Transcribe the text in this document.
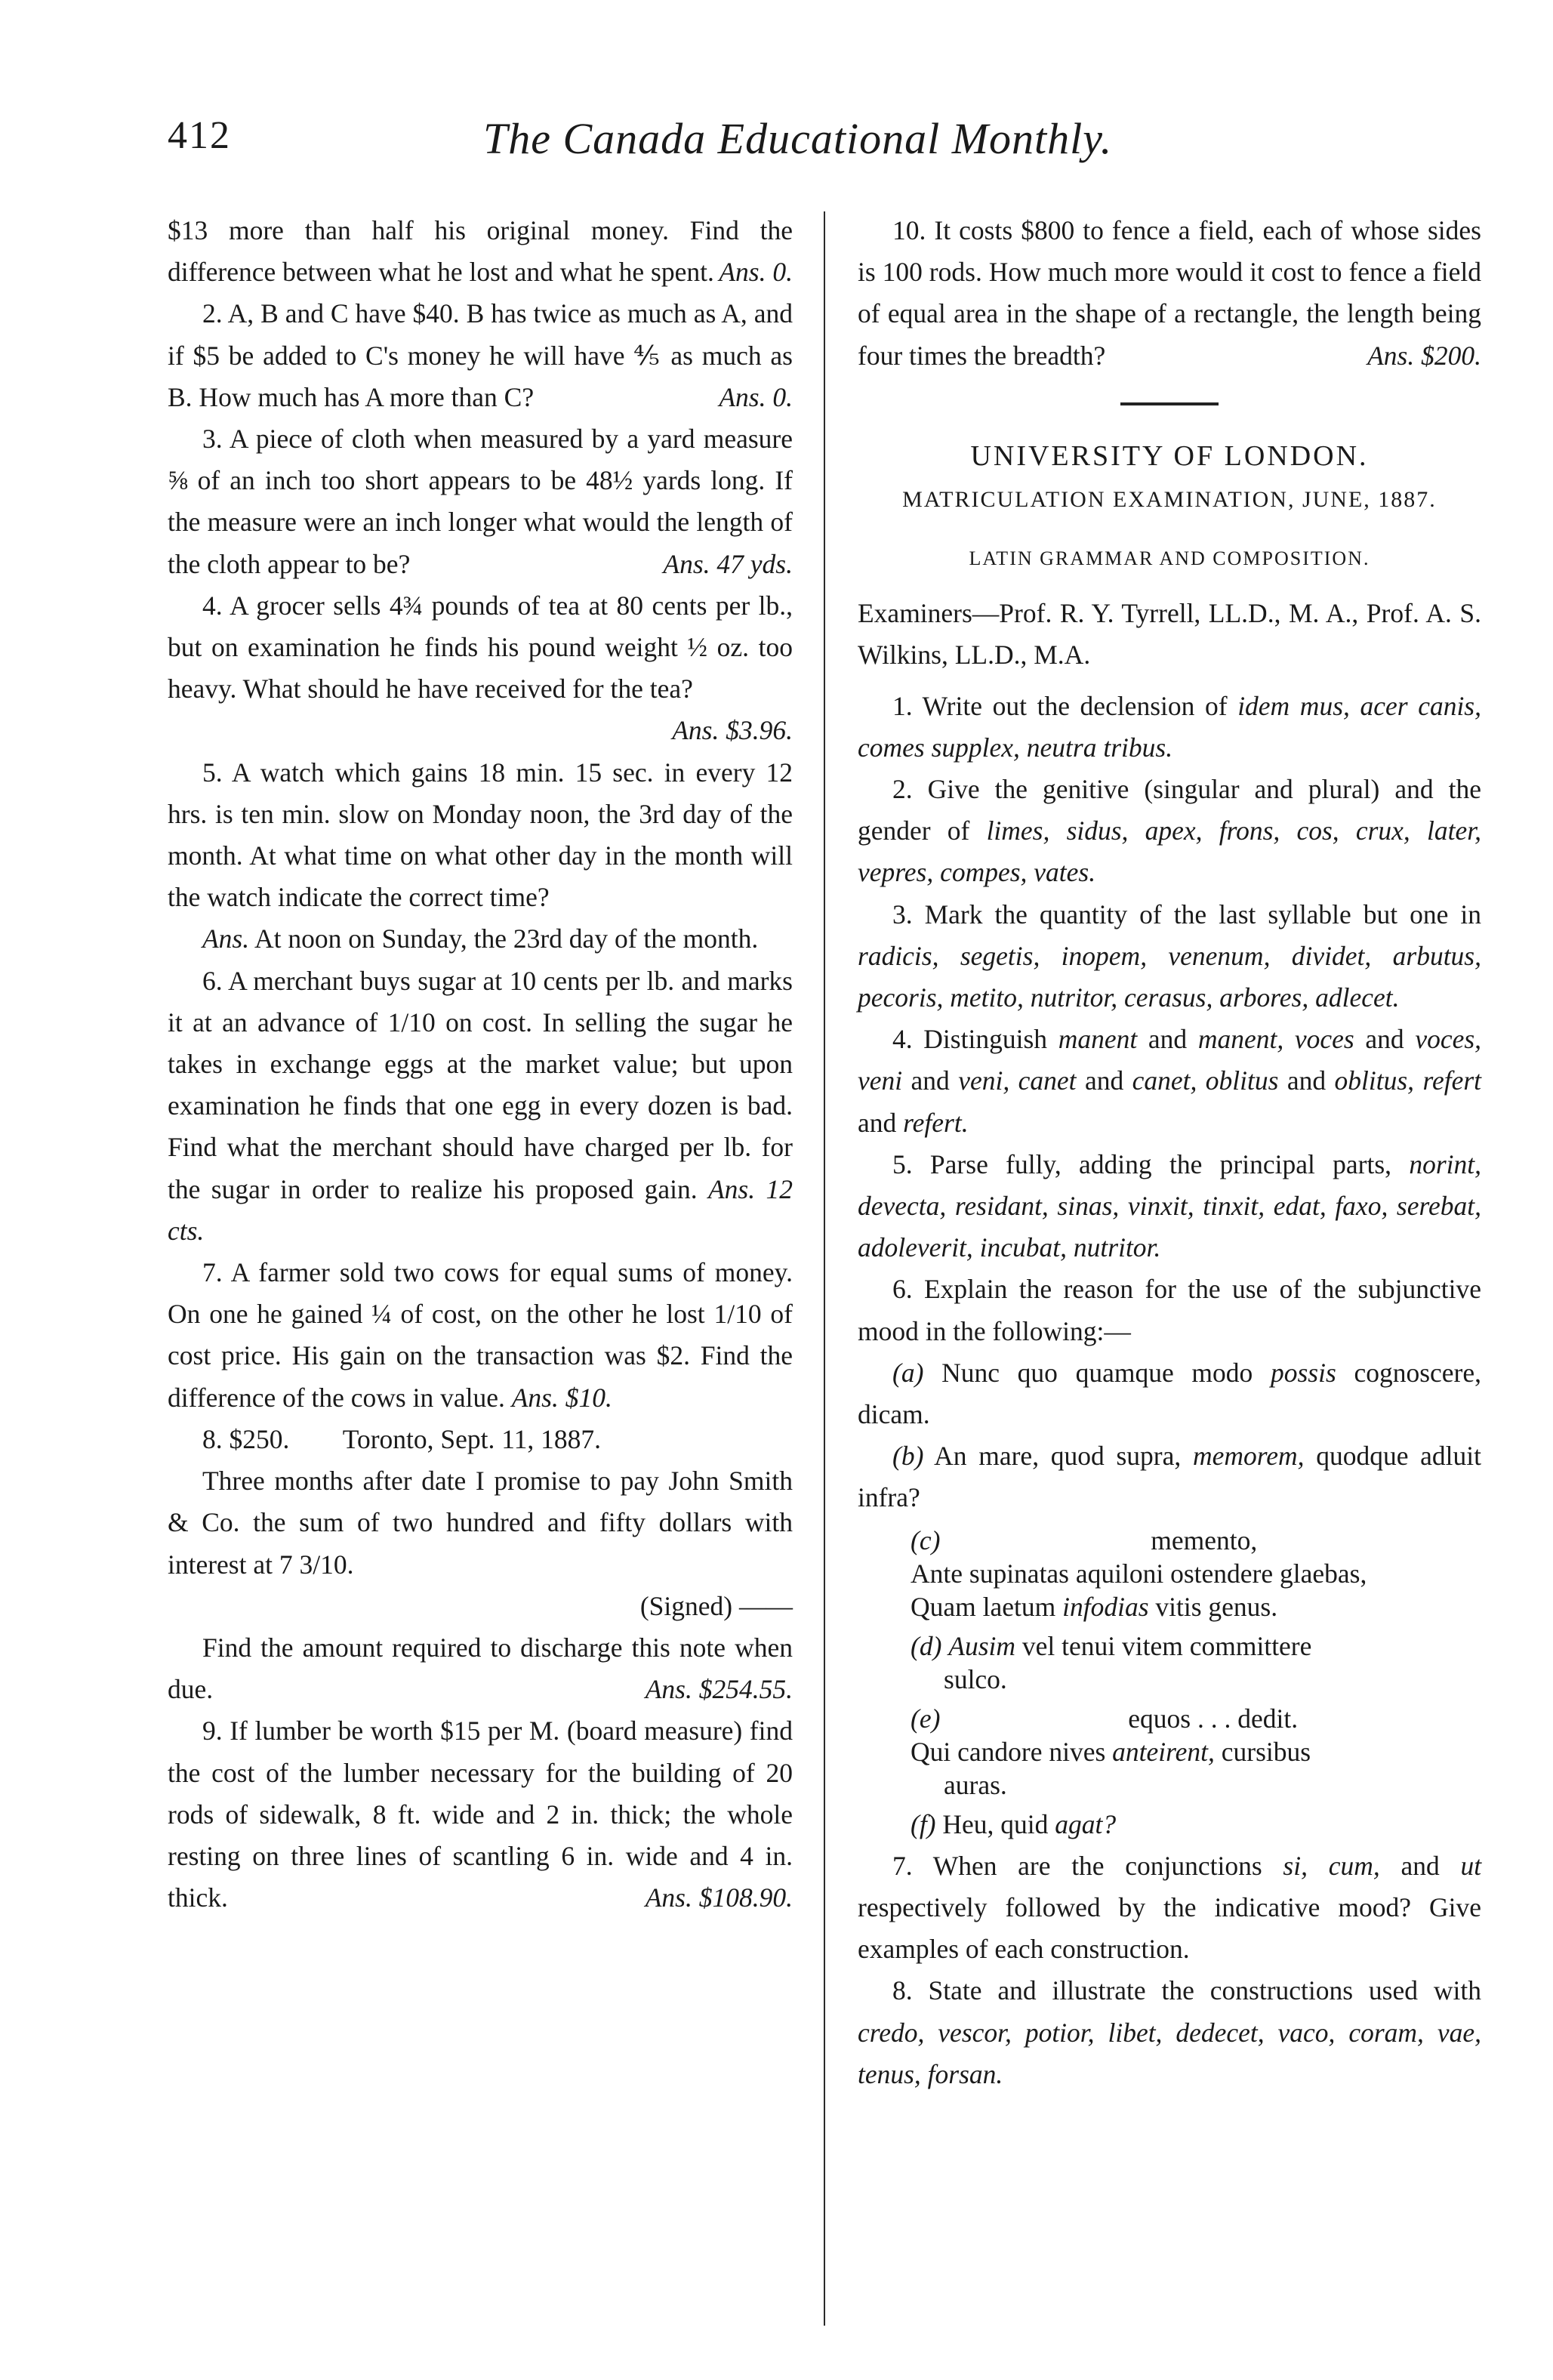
412	The Canada Educational Monthly.

$13 more than half his original money. Find the difference between what he lost and what he spent. Ans. 0.

2. A, B and C have $40. B has twice as much as A, and if $5 be added to C's money he will have ⅘ as much as B. How much has A more than C?	Ans. 0.

3. A piece of cloth when measured by a yard measure ⅝ of an inch too short appears to be 48½ yards long. If the measure were an inch longer what would the length of the cloth appear to be?	Ans. 47 yds.

4. A grocer sells 4¾ pounds of tea at 80 cents per lb., but on examination he finds his pound weight ½ oz. too heavy. What should he have received for the tea?

Ans. $3.96.

5. A watch which gains 18 min. 15 sec. in every 12 hrs. is ten min. slow on Monday noon, the 3rd day of the month. At what time on what other day in the month will the watch indicate the correct time?

Ans. At noon on Sunday, the 23rd day of the month.

6. A merchant buys sugar at 10 cents per lb. and marks it at an advance of 1/10 on cost. In selling the sugar he takes in exchange eggs at the market value; but upon examination he finds that one egg in every dozen is bad. Find what the merchant should have charged per lb. for the sugar in order to realize his proposed gain. Ans. 12 cts.

7. A farmer sold two cows for equal sums of money. On one he gained ¼ of cost, on the other he lost 1/10 of cost price. His gain on the transaction was $2. Find the difference of the cows in value. Ans. $10.

8. $250.        Toronto, Sept. 11, 1887.

Three months after date I promise to pay John Smith & Co. the sum of two hundred and fifty dollars with interest at 7 3/10.

(Signed) ——

Find the amount required to discharge this note when due.	Ans. $254.55.

9. If lumber be worth $15 per M. (board measure) find the cost of the lumber necessary for the building of 20 rods of sidewalk, 8 ft. wide and 2 in. thick; the whole resting on three lines of scantling 6 in. wide and 4 in. thick.	Ans. $108.90.

10. It costs $800 to fence a field, each of whose sides is 100 rods. How much more would it cost to fence a field of equal area in the shape of a rectangle, the length being four times the breadth?	Ans. $200.

UNIVERSITY OF LONDON.

MATRICULATION EXAMINATION, JUNE, 1887.

LATIN GRAMMAR AND COMPOSITION.

Examiners—Prof. R. Y. Tyrrell, LL.D., M. A., Prof. A. S. Wilkins, LL.D., M.A.

1. Write out the declension of idem mus, acer canis, comes supplex, neutra tribus.

2. Give the genitive (singular and plural) and the gender of limes, sidus, apex, frons, cos, crux, later, vepres, compes, vates.

3. Mark the quantity of the last syllable but one in radicis, segetis, inopem, venenum, dividet, arbutus, pecoris, metito, nutritor, cerasus, arbores, adlecet.

4. Distinguish manent and manent, voces and voces, veni and veni, canet and canet, oblitus and oblitus, refert and refert.

5. Parse fully, adding the principal parts, norint, devecta, residant, sinas, vinxit, tinxit, edat, faxo, serebat, adoleverit, incubat, nutritor.

6. Explain the reason for the use of the subjunctive mood in the following:—

(a) Nunc quo quamque modo possis cognoscere, dicam.

(b) An mare, quod supra, memorem, quodque adluit infra?

(c)	memento,
Ante supinatas aquiloni ostendere glaebas,
Quam laetum infodias vitis genus.
(d) Ausim vel tenui vitem committere
sulco.
(e)	equos . . . dedit.
Qui candore nives anteirent, cursibus
auras.
(f) Heu, quid agat?

7. When are the conjunctions si, cum, and ut respectively followed by the indicative mood? Give examples of each construction.

8. State and illustrate the constructions used with credo, vescor, potior, libet, dedecet, vaco, coram, vae, tenus, forsan.
